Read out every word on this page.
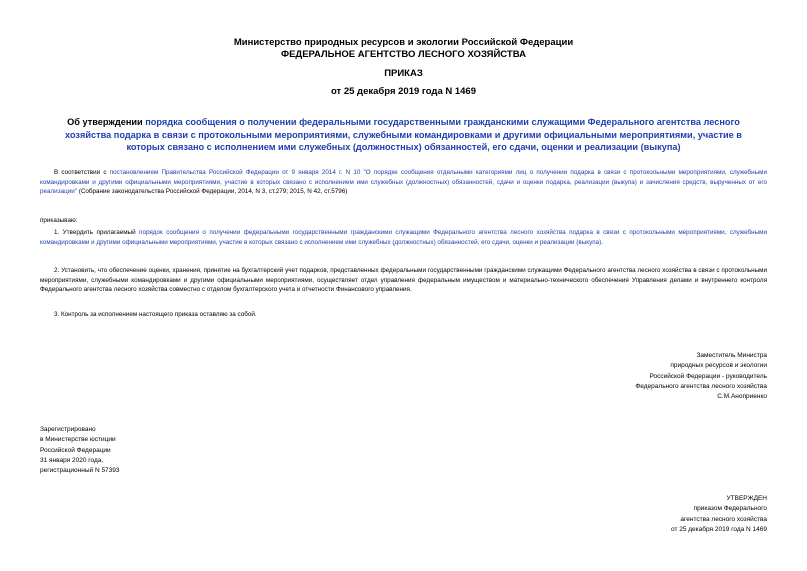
Министерство природных ресурсов и экологии Российской Федерации
ФЕДЕРАЛЬНОЕ АГЕНТСТВО ЛЕСНОГО ХОЗЯЙСТВА
ПРИКАЗ
от 25 декабря 2019 года N 1469
Об утверждении порядка сообщения о получении федеральными государственными гражданскими служащими Федерального агентства лесного хозяйства подарка в связи с протокольными мероприятиями, служебными командировками и другими официальными мероприятиями, участие в которых связано с исполнением ими служебных (должностных) обязанностей, его сдачи, оценки и реализации (выкупа)
В соответствии с постановлением Правительства Российской Федерации от 9 января 2014 г. N 10 "О порядке сообщения отдельными категориями лиц о получении подарка в связи с протокольными мероприятиями, служебными командировками и другими официальными мероприятиями, участие в которых связано с исполнением ими служебных (должностных) обязанностей, сдачи и оценки подарка, реализации (выкупа) и зачисления средств, вырученных от его реализации" (Собрание законодательства Российской Федерации, 2014, N 3, ст.279; 2015, N 42, ст.5796)
приказываю:
1. Утвердить прилагаемый порядок сообщения о получении федеральными государственными гражданскими служащими Федерального агентства лесного хозяйства подарка в связи с протокольными мероприятиями, служебными командировками и другими официальными мероприятиями, участие в которых связано с исполнением ими служебных (должностных) обязанностей, его сдачи, оценки и реализации (выкупа).
2. Установить, что обеспечение оценки, хранения, принятие на бухгалтерский учет подарков, представленных федеральными государственными гражданскими служащими Федерального агентства лесного хозяйства в связи с протокольными мероприятиями, служебными командировками и другими официальными мероприятиями, осуществляет отдел управления федеральным имуществом и материально-технического обеспечения Управления делами и внутреннего контроля Федерального агентства лесного хозяйства совместно с отделом бухгалтерского учета и отчетности Финансового управления.
3. Контроль за исполнением настоящего приказа оставляю за собой.
Заместитель Министра
природных ресурсов и экологии
Российской Федерации - руководитель
Федерального агентства лесного хозяйства
С.М.Аноприенко
Зарегистрировано
в Министерстве юстиции
Российской Федерации
31 января 2020 года,
регистрационный N 57393
УТВЕРЖДЕН
приказом Федерального
агентства лесного хозяйства
от 25 декабря 2019 года N 1469
